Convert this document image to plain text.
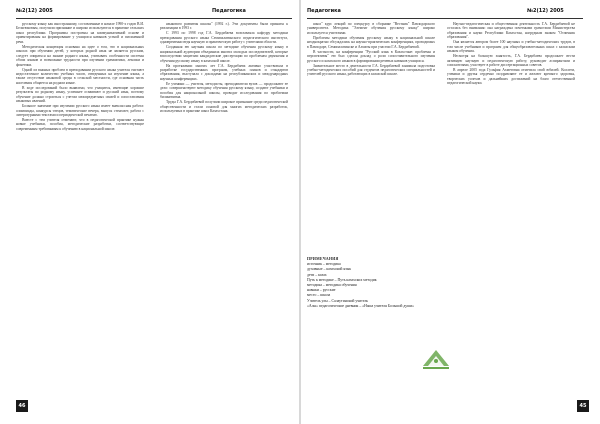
№2(12) 2005	Педагогика

русскому языку как иностранному, составленные в начале 1990-х годов В.И. Бельтюковым, получили признание и широко используются в практике сельских школ республики. Программы построены на коммуникативной основе и ориентированы на формирование у учащихся навыков устной и письменной речи.

Методическая концепция основана на идее о том, что в национальных школах при обучении детей, у которых родной язык не является русским, следует опираться на знание родного языка, учитывать особенности системы обоих языков и возможные трудности при изучении грамматики, лексики и фонетики.

Одной из важных проблем в преподавании русского языка учителя считают недостаточное количество учебных часов, отведенных на изучение языка, а также отсутствие языковой среды в сельской местности, где основная часть населения общается на родном языке.

В ходе исследований было выявлено, что учащиеся, имеющие хорошие результаты по родному языку, успешнее осваивают и русский язык, поэтому обучение должно строиться с учетом межпредметных связей и сопоставления языковых явлений.

Большое значение при изучении русского языка имеет внеклассная работа: олимпиады, конкурсы чтецов, тематические вечера, выпуск стенгазет, работа с литературными текстами и периодической печатью.

Вместе с тем учителя отмечают, что в педагогической практике нужны новые учебники, пособия, методические разработки, соответствующие современным требованиям к обучению в национальной школе.

языкового развития школы" (1992 г.). Эти документы были приняты к реализации в 1993 г.

С 1993 по 1998 год Г.А. Бердибаева возглавляла кафедру методики преподавания русского языка Семипалатинского педагогического института, одновременно ведя научную и практическую работу с учителями области.

Созданная ею научная школа по методике обучения русскому языку в национальной аудитории объединила многих молодых исследователей, которые впоследствии защитили кандидатские диссертации по проблемам двуязычия и обучения русскому языку в казахской школе.

На протяжении многих лет Г.А. Бердибаева активно участвовала в разработке государственных программ, учебных планов и стандартов образования, выступала с докладами на республиканских и международных научных конференциях.

Ее ученики — учителя, методисты, преподаватели вузов — продолжают ее дело: совершенствуют методику обучения русскому языку, создают учебники и пособия для национальной школы, проводят исследования по проблемам билингвизма.

Труды Г.А. Бердибаевой получили широкое признание среди педагогической общественности и стали основой для многих методических разработок, используемых в практике школ Казахстана.

46
Педагогика	№2(12) 2005

школ" курс лекций по спецкурсу в сборнике "Вестник" Павлодарского университета. Методика "Элемент обучения русскому языку" широко используется учителями.

Проблемы методики обучения русскому языку в национальной школе неоднократно обсуждались на научно-практических конференциях, проводимых в Павлодаре, Семипалатинске и Алматы при участии Г.А. Бердибаевой.

В частности, на конференции "Русский язык в Казахстане: проблемы и перспективы" ею был сделан доклад о роли сопоставительного изучения русского и казахского языков в формировании речевых навыков учащихся.

Значительное место в деятельности Г.А. Бердибаевой занимала подготовка учебно-методических пособий для студентов педагогических специальностей и учителей русского языка, работающих в казахской школе.

ПРИМЕЧАНИЯ
источник – методика
духовные – казахский язык
дети – казах
Путь к методике – Путь казахских методик
методика – методика обучения
навыки – русские
место – школа
Учитель улы – Салаутинский учитель
«Алы» педагогические дневник – «Наша учителя Большой души»

Научно-педагогическая и общественная деятельность Г.А. Бердибаевой не осталась без внимания: она награждена почетными грамотами Министерства образования и науки Республики Казахстан, нагрудным знаком "Отличник образования".

Она является автором более 100 научных и учебно-методических трудов, в том числе учебников и программ для общеобразовательных школ с казахским языком обучения.

Несмотря на большую занятость, Г.А. Бердибаева продолжает вести активную научную и педагогическую работу, руководит аспирантами и соискателями, участвует в работе диссертационных советов.

В апреле 2005 года Гульфия Ахметовна отметила свой юбилей. Коллеги, ученики и друзья сердечно поздравляют ее и желают крепкого здоровья, творческих успехов и дальнейших достижений на благо отечественной педагогической науки.

45
